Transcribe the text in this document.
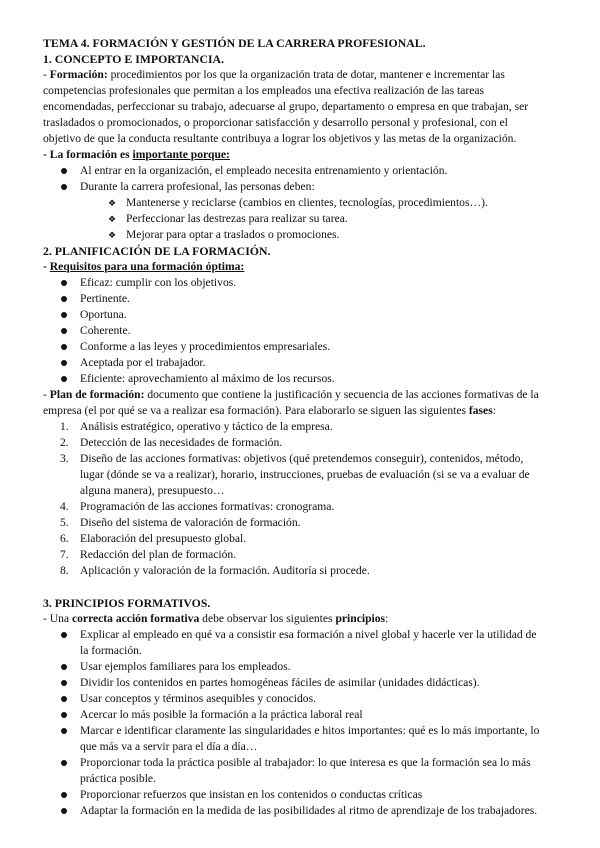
TEMA 4. FORMACIÓN Y GESTIÓN DE LA CARRERA PROFESIONAL.

1. CONCEPTO E IMPORTANCIA.

- Formación: procedimientos por los que la organización trata de dotar, mantener e incrementar las competencias profesionales que permitan a los empleados una efectiva realización de las tareas encomendadas, perfeccionar su trabajo, adecuarse al grupo, departamento o empresa en que trabajan, ser trasladados o promocionados, o proporcionar satisfacción y desarrollo personal y profesional, con el objetivo de que la conducta resultante contribuya a lograr los objetivos y las metas de la organización.

- La formación es importante porque:

Al entrar en la organización, el empleado necesita entrenamiento y orientación.
Durante la carrera profesional, las personas deben:
❖ Mantenerse y reciclarse (cambios en clientes, tecnologías, procedimientos…).
❖ Perfeccionar las destrezas para realizar su tarea.
❖ Mejorar para optar a traslados o promociones.

2. PLANIFICACIÓN DE LA FORMACIÓN.

- Requisitos para una formación óptima:

Eficaz: cumplir con los objetivos.
Pertinente.
Oportuna.
Coherente.
Conforme a las leyes y procedimientos empresariales.
Aceptada por el trabajador.
Eficiente: aprovechamiento al máximo de los recursos.

- Plan de formación: documento que contiene la justificación y secuencia de las acciones formativas de la empresa (el por qué se va a realizar esa formación). Para elaborarlo se siguen las siguientes fases:

1. Análisis estratégico, operativo y táctico de la empresa.
2. Detección de las necesidades de formación.
3. Diseño de las acciones formativas: objetivos (qué pretendemos conseguir), contenidos, método, lugar (dónde se va a realizar), horario, instrucciones, pruebas de evaluación (si se va a evaluar de alguna manera), presupuesto…
4. Programación de las acciones formativas: cronograma.
5. Diseño del sistema de valoración de formación.
6. Elaboración del presupuesto global.
7. Redacción del plan de formación.
8. Aplicación y valoración de la formación. Auditoría si procede.

3. PRINCIPIOS FORMATIVOS.

- Una correcta acción formativa debe observar los siguientes principios:

Explicar al empleado en qué va a consistir esa formación a nivel global y hacerle ver la utilidad de la formación.
Usar ejemplos familiares para los empleados.
Dividir los contenidos en partes homogéneas fáciles de asimilar (unidades didácticas).
Usar conceptos y términos asequibles y conocidos.
Acercar lo más posible la formación a la práctica laboral real
Marcar e identificar claramente las singularidades e hitos importantes: qué es lo más importante, lo que más va a servir para el día a día…
Proporcionar toda la práctica posible al trabajador: lo que interesa es que la formación sea lo más práctica posible.
Proporcionar refuerzos que insistan en los contenidos o conductas críticas
Adaptar la formación en la medida de las posibilidades al ritmo de aprendizaje de los trabajadores.
